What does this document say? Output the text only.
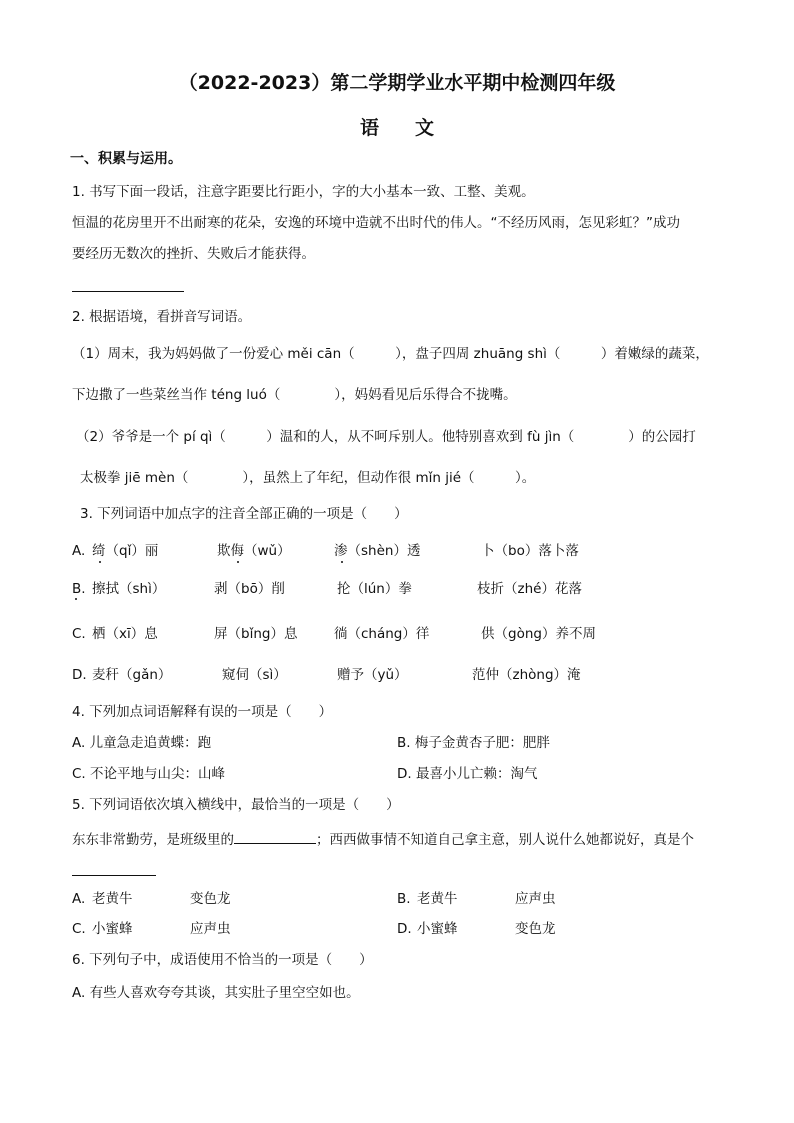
（2022-2023）第二学期学业水平期中检测四年级
语文
一、积累与运用。
1. 书写下面一段话，注意字距要比行距小，字的大小基本一致、工整、美观。
恒温的花房里开不出耐寒的花朵，安逸的环境中造就不出时代的伟人。“不经历风雨，怎见彩虹？”成功
要经历无数次的挫折、失败后才能获得。
2. 根据语境，看拼音写词语。
（1）周末，我为妈妈做了一份爱心 měi cān（　　　），盘子四周 zhuāng shì（　　　）着嫩绿的蔬菜，
下边撒了一些菜丝当作 téng luó（　　　　），妈妈看见后乐得合不拢嘴。
（2）爷爷是一个 pí qì（　　　）温和的人，从不呵斥别人。他特别喜欢到 fù jìn（　　　　）的公园打
太极拳 jiē mèn（　　　　），虽然上了年纪，但动作很 mǐn jié（　　　）。
3. 下列词语中加点字的注音全部正确的一项是（　　）
A. 绮（qǐ）丽	欺侮（wǔ）	渗（shèn）透	卜（bo）落卜落
B. 擦拭（shì）	剥（bō）削	抡（lún）拳	枝折（zhé）花落
C. 栖（xī）息	屏（bǐng）息	徜（cháng）徉	供（gòng）养不周
D. 麦秆（gǎn）	窥伺（sì）	赠予（yǔ）	范仲（zhòng）淹
4. 下列加点词语解释有误的一项是（　　）
A. 儿童急走追黄蝶：跑	B. 梅子金黄杏子肥：肥胖
C. 不论平地与山尖：山峰	D. 最喜小儿亡赖：淘气
5. 下列词语依次填入横线中，最恰当的一项是（　　）
东东非常勤劳，是班级里的	；西西做事情不知道自己拿主意，别人说什么她都说好，真是个
A. 老黄牛	变色龙	B. 老黄牛	应声虫
C. 小蜜蜂	应声虫	D. 小蜜蜂	变色龙
6. 下列句子中，成语使用不恰当的一项是（　　）
A. 有些人喜欢夸夸其谈，其实肚子里空空如也。
